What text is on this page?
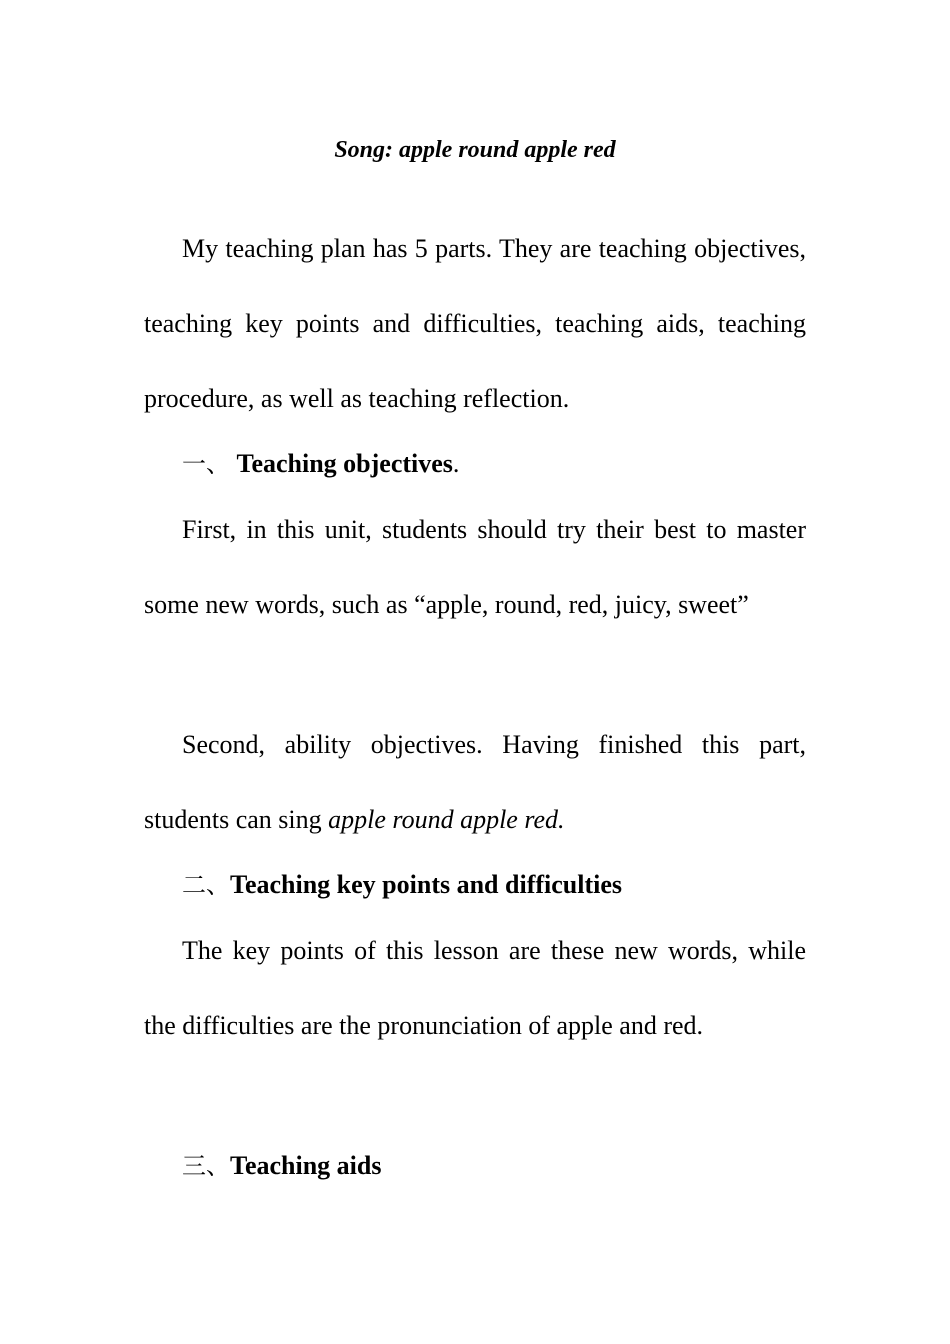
Song: apple round apple red

My teaching plan has 5 parts. They are teaching objectives, teaching key points and difficulties, teaching aids, teaching procedure, as well as teaching reflection.

一、 Teaching objectives.

First, in this unit, students should try their best to master some new words, such as “apple, round, red, juicy, sweet”

Second, ability objectives. Having finished this part, students can sing apple round apple red.

二、Teaching key points and difficulties

The key points of this lesson are these new words, while the difficulties are the pronunciation of apple and red.

三、Teaching aids
